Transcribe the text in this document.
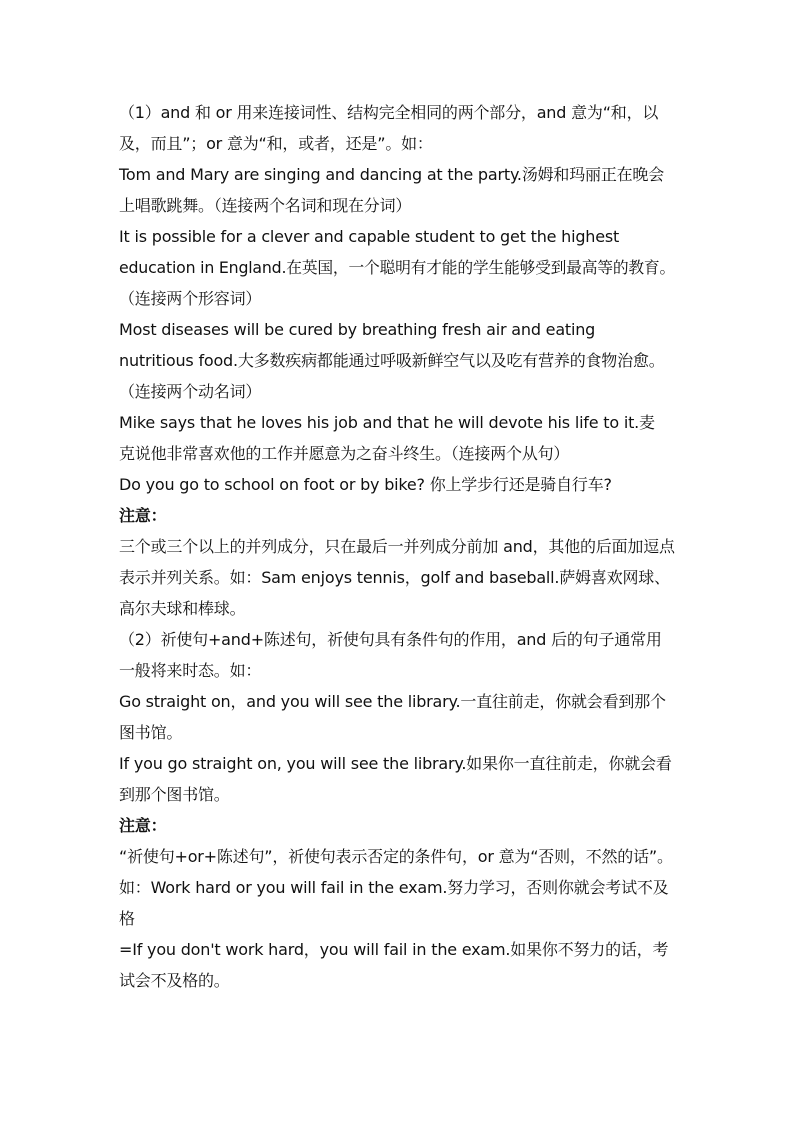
（1）and 和 or 用来连接词性、结构完全相同的两个部分，and 意为“和，以
及，而且”；or 意为“和，或者，还是”。如：
Tom and Mary are singing and dancing at the party.汤姆和玛丽正在晚会
上唱歌跳舞。（连接两个名词和现在分词）
It is possible for a clever and capable student to get the highest
education in England.在英国，一个聪明有才能的学生能够受到最高等的教育。
（连接两个形容词）
Most diseases will be cured by breathing fresh air and eating
nutritious food.大多数疾病都能通过呼吸新鲜空气以及吃有营养的食物治愈。
（连接两个动名词）
Mike says that he loves his job and that he will devote his life to it.麦
克说他非常喜欢他的工作并愿意为之奋斗终生。（连接两个从句）
Do you go to school on foot or by bike? 你上学步行还是骑自行车?
注意：
三个或三个以上的并列成分，只在最后一并列成分前加 and，其他的后面加逗点
表示并列关系。如：Sam enjoys tennis，golf and baseball.萨姆喜欢网球、
高尔夫球和棒球。
（2）祈使句+and+陈述句，祈使句具有条件句的作用，and 后的句子通常用
一般将来时态。如：
Go straight on，and you will see the library.一直往前走，你就会看到那个
图书馆。
If you go straight on, you will see the library.如果你一直往前走，你就会看
到那个图书馆。
注意：
“祈使句+or+陈述句”，祈使句表示否定的条件句，or 意为“否则，不然的话”。
如：Work hard or you will fail in the exam.努力学习，否则你就会考试不及
格
=If you don't work hard，you will fail in the exam.如果你不努力的话，考
试会不及格的。
